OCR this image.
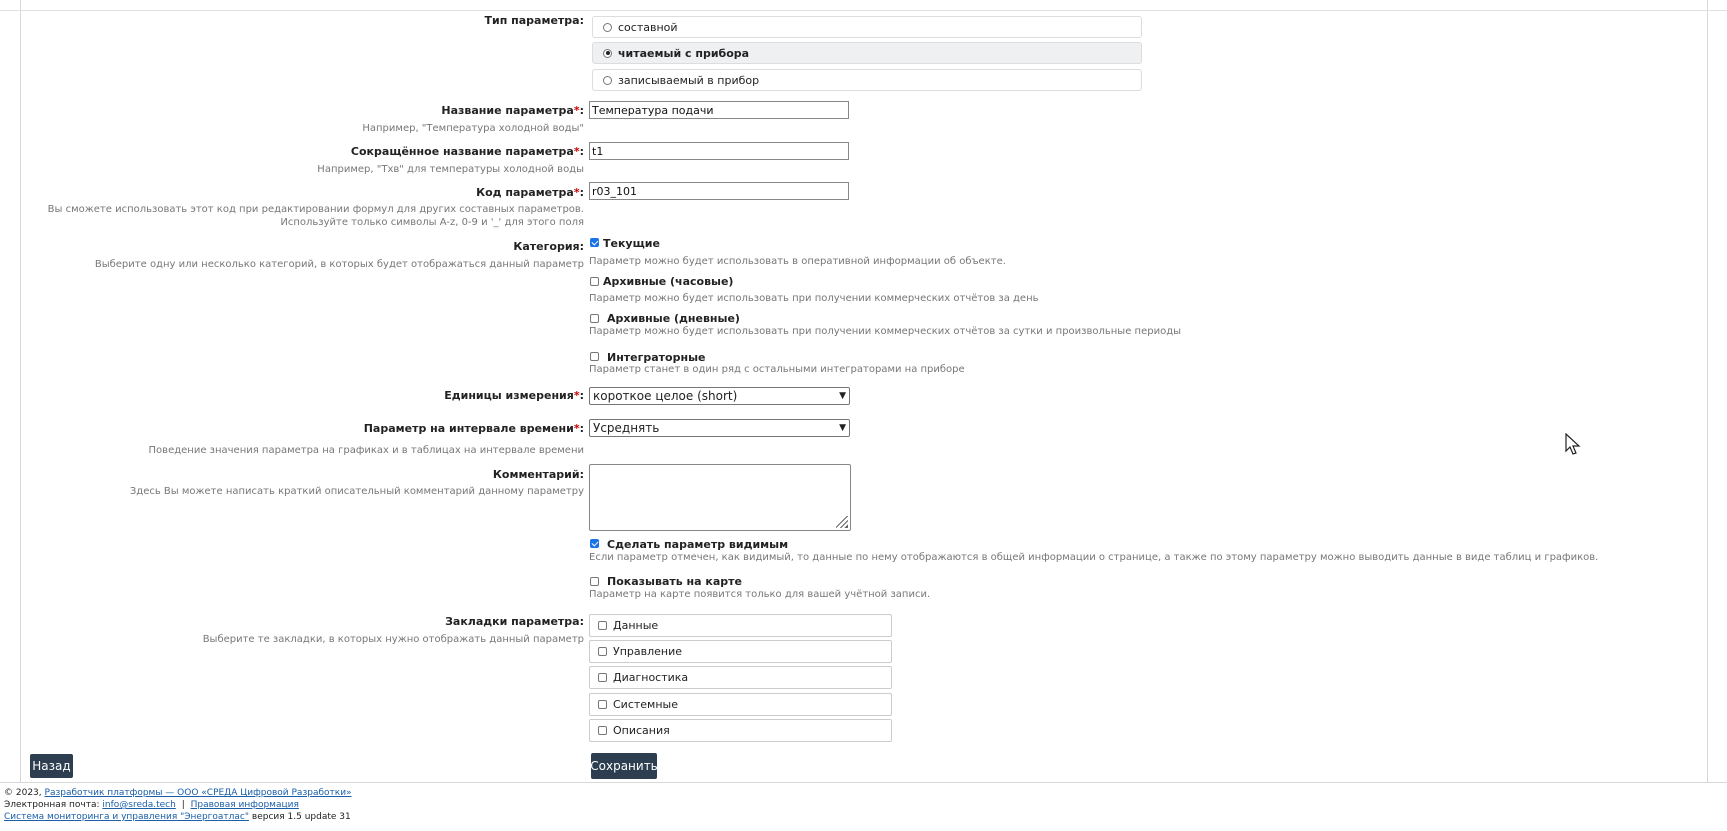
Тип параметра:	составной
читаемый с прибора
записываемый в прибор
Название параметра*:
Температура подачи
Например, "Температура холодной воды"
Сокращённое название параметра*:
t1
Например, "Тхв" для температуры холодной воды
Код параметра*:
r03_101
Вы сможете использовать этот код при редактировании формул для других составных параметров.
Используйте только символы A-z, 0-9 и '_' для этого поля
Категория:
Выберите одну или несколько категорий, в которых будет отображаться данный параметр
Текущие
Параметр можно будет использовать в оперативной информации об объекте.
Архивные (часовые)
Параметр можно будет использовать при получении коммерческих отчётов за день
Архивные (дневные)
Параметр можно будет использовать при получении коммерческих отчётов за сутки и произвольные периоды
Интеграторные
Параметр станет в один ряд с остальными интеграторами на приборе
Единицы измерения*: короткое целое (short)	▼
Параметр на интервале времени*: Усреднять	▼
Поведение значения параметра на графиках и в таблицах на интервале времени
Комментарий:
Здесь Вы можете написать краткий описательный комментарий данному параметру
Сделать параметр видимым
Если параметр отмечен, как видимый, то данные по нему отображаются в общей информации о странице, а также по этому параметру можно выводить данные в виде таблиц и графиков.
Показывать на карте
Параметр на карте появится только для вашей учётной записи.
Закладки параметра:
Выберите те закладки, в которых нужно отображать данный параметр
Данные
Управление
Диагностика
Системные
Описания
Назад	Сохранить
© 2023, Разработчик платформы — ООО «СРЕДА Цифровой Разработки»
Электронная почта: info@sreda.tech | Правовая информация
Система мониторинга и управления "Энергоатлас" версия 1.5 update 31
